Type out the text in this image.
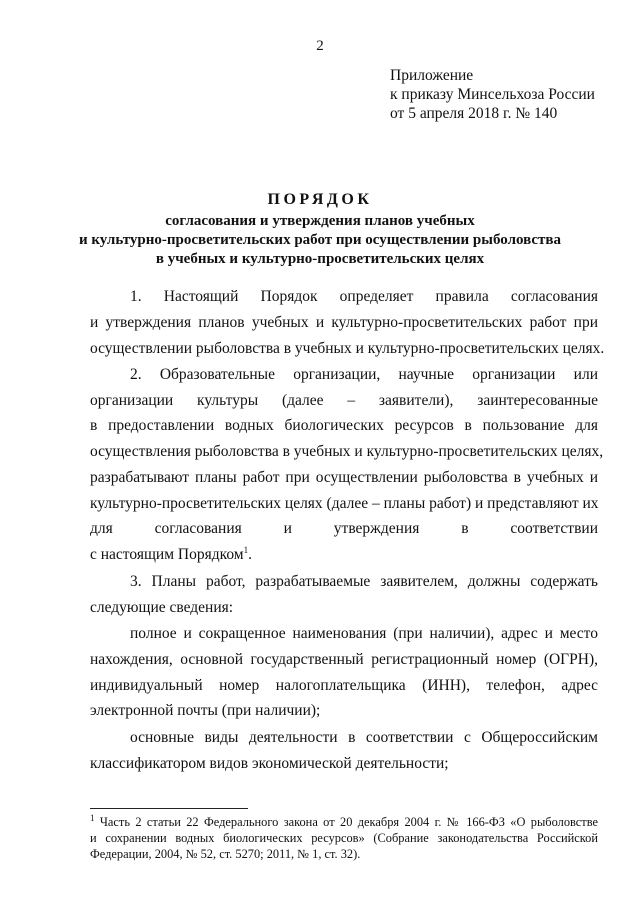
2
Приложение
к приказу Минсельхоза России
от 5 апреля 2018 г. № 140
ПОРЯДОК
согласования и утверждения планов учебных
и культурно-просветительских работ при осуществлении рыболовства
в учебных и культурно-просветительских целях
1. Настоящий Порядок определяет правила согласования
и утверждения планов учебных и культурно-просветительских работ при
осуществлении рыболовства в учебных и культурно-просветительских целях.
2. Образовательные организации, научные организации или
организации культуры (далее – заявители), заинтересованные
в предоставлении водных биологических ресурсов в пользование для
осуществления рыболовства в учебных и культурно-просветительских целях,
разрабатывают планы работ при осуществлении рыболовства в учебных и
культурно-просветительских целях (далее – планы работ) и представляют их
для согласования и утверждения в соответствии
с настоящим Порядком$^1$.
3. Планы работ, разрабатываемые заявителем, должны содержать
следующие сведения:
полное и сокращенное наименования (при наличии), адрес и место
нахождения, основной государственный регистрационный номер (ОГРН),
индивидуальный номер налогоплательщика (ИНН), телефон, адрес
электронной почты (при наличии);
основные виды деятельности в соответствии с Общероссийским
классификатором видов экономической деятельности;
$^1$ Часть 2 статьи 22 Федерального закона от 20 декабря 2004 г. № 166-ФЗ «О рыболовстве
и сохранении водных биологических ресурсов» (Собрание законодательства Российской
Федерации, 2004, № 52, ст. 5270; 2011, № 1, ст. 32).
